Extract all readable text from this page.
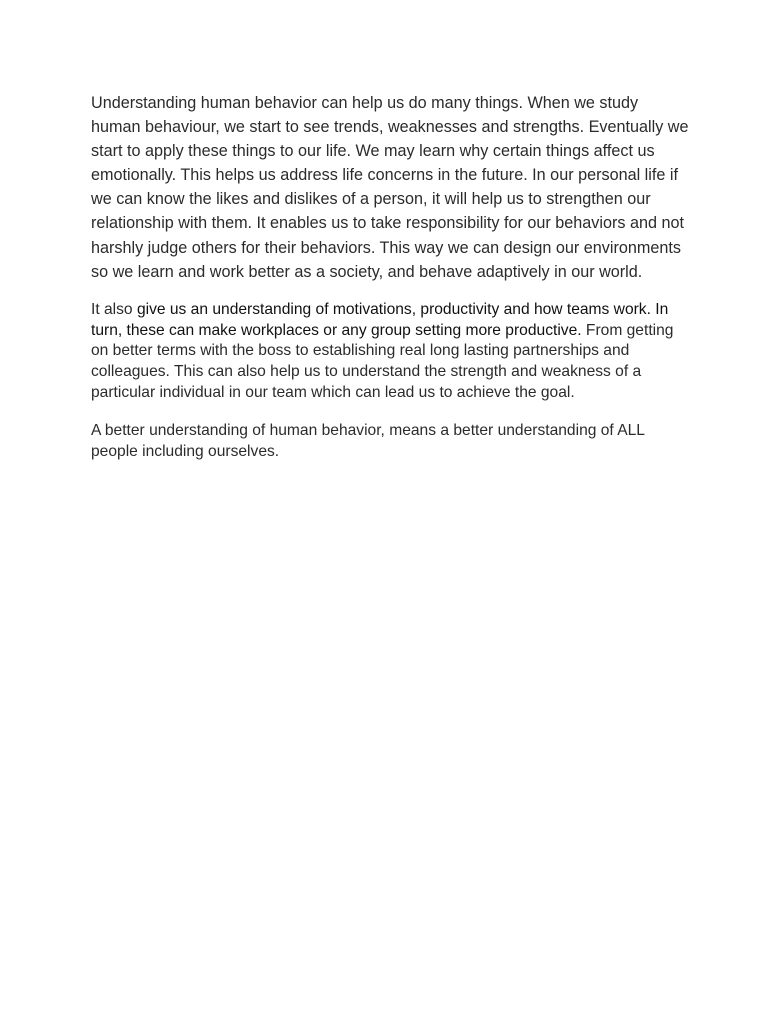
Understanding human behavior can help us do many things. When we study human behaviour, we start to see trends, weaknesses and strengths. Eventually we start to apply these things to our life. We may learn why certain things affect us emotionally. This helps us address life concerns in the future. In our personal life if we can know the likes and dislikes of a person, it will help us to strengthen our relationship with them. It enables us to take responsibility for our behaviors and not harshly judge others for their behaviors. This way we can design our environments so we learn and work better as a society, and behave adaptively in our world.

It also give us an understanding of motivations, productivity and how teams work. In turn, these can make workplaces or any group setting more productive. From getting on better terms with the boss to establishing real long lasting partnerships and colleagues. This can also help us to understand the strength and weakness of a particular individual in our team which can lead us to achieve the goal.

A better understanding of human behavior, means a better understanding of ALL people including ourselves.
